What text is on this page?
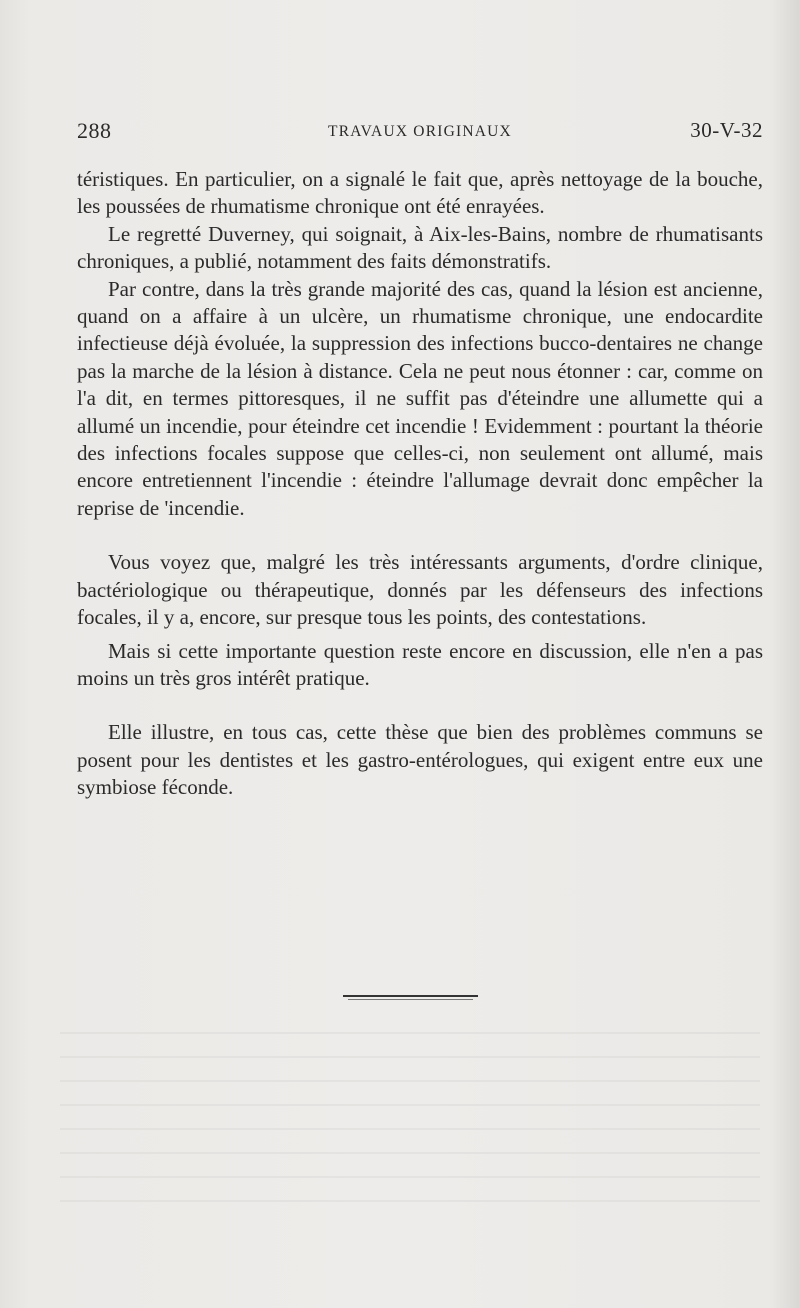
288	TRAVAUX ORIGINAUX	30-V-32

téristiques. En particulier, on a signalé le fait que, après nettoyage de la bouche, les poussées de rhumatisme chronique ont été enrayées.

Le regretté Duverney, qui soignait, à Aix-les-Bains, nombre de rhumatisants chroniques, a publié, notamment des faits démonstratifs.

Par contre, dans la très grande majorité des cas, quand la lésion est ancienne, quand on a affaire à un ulcère, un rhumatisme chronique, une endocardite infectieuse déjà évoluée, la suppression des infections bucco-dentaires ne change pas la marche de la lésion à distance. Cela ne peut nous étonner : car, comme on l'a dit, en termes pittoresques, il ne suffit pas d'éteindre une allumette qui a allumé un incendie, pour éteindre cet incendie ! Evidemment : pourtant la théorie des infections focales suppose que celles-ci, non seulement ont allumé, mais encore entretiennent l'incendie : éteindre l'allumage devrait donc empêcher la reprise de 'incendie.

Vous voyez que, malgré les très intéressants arguments, d'ordre clinique, bactériologique ou thérapeutique, donnés par les défenseurs des infections focales, il y a, encore, sur presque tous les points, des contestations.

Mais si cette importante question reste encore en discussion, elle n'en a pas moins un très gros intérêt pratique.

Elle illustre, en tous cas, cette thèse que bien des problèmes communs se posent pour les dentistes et les gastro-entérologues, qui exigent entre eux une symbiose féconde.
